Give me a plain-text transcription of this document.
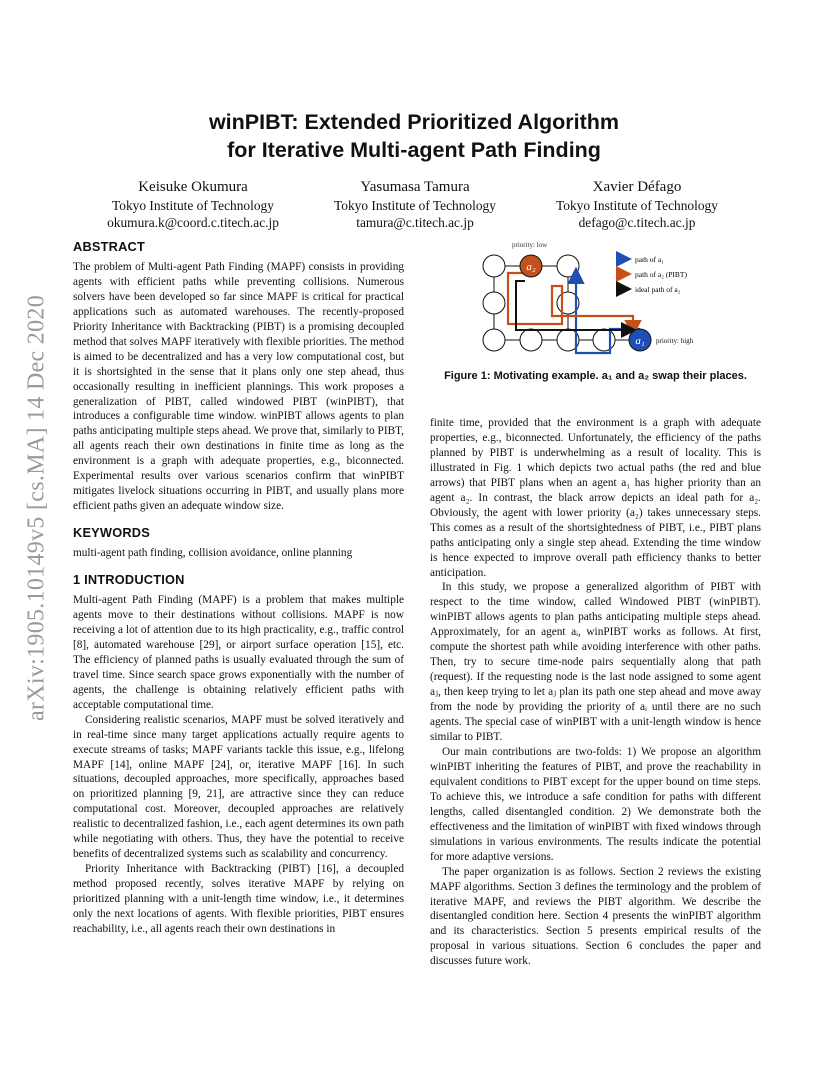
arXiv:1905.10149v5 [cs.MA] 14 Dec 2020
winPIBT: Extended Prioritized Algorithm
for Iterative Multi-agent Path Finding
Keisuke Okumura
Tokyo Institute of Technology
okumura.k@coord.c.titech.ac.jp
Yasumasa Tamura
Tokyo Institute of Technology
tamura@c.titech.ac.jp
Xavier Défago
Tokyo Institute of Technology
defago@c.titech.ac.jp
ABSTRACT

The problem of Multi-agent Path Finding (MAPF) consists in providing agents with efficient paths while preventing collisions. Numerous solvers have been developed so far since MAPF is critical for practical applications such as automated warehouses. The recently-proposed Priority Inheritance with Backtracking (PIBT) is a promising decoupled method that solves MAPF iteratively with flexible priorities. The method is aimed to be decentralized and has a very low computational cost, but it is shortsighted in the sense that it plans only one step ahead, thus occasionally resulting in inefficient plannings. This work proposes a generalization of PIBT, called windowed PIBT (winPIBT), that introduces a configurable time window. winPIBT allows agents to plan paths anticipating multiple steps ahead. We prove that, similarly to PIBT, all agents reach their own destinations in finite time as long as the environment is a graph with adequate properties, e.g., biconnected. Experimental results over various scenarios confirm that winPIBT mitigates livelock situations occurring in PIBT, and usually plans more efficient paths given an adequate window size.

KEYWORDS

multi-agent path finding, collision avoidance, online planning

1 INTRODUCTION

Multi-agent Path Finding (MAPF) is a problem that makes multiple agents move to their destinations without collisions. MAPF is now receiving a lot of attention due to its high practicality, e.g., traffic control [8], automated warehouse [29], or airport surface operation [15], etc. The efficiency of planned paths is usually evaluated through the sum of travel time. Since search space grows exponentially with the number of agents, the challenge is obtaining relatively efficient paths with acceptable computational time.

Considering realistic scenarios, MAPF must be solved iteratively and in real-time since many target applications actually require agents to execute streams of tasks; MAPF variants tackle this issue, e.g., lifelong MAPF [14], online MAPF [24], or, iterative MAPF [16]. In such situations, decoupled approaches, more specifically, approaches based on prioritized planning [9, 21], are attractive since they can reduce computational cost. Moreover, decoupled approaches are relatively realistic to decentralized fashion, i.e., each agent determines its own path while negotiating with others. Thus, they have the potential to receive benefits of decentralized systems such as scalability and concurrency.

Priority Inheritance with Backtracking (PIBT) [16], a decoupled method proposed recently, solves iterative MAPF by relying on prioritized planning with a unit-length time window, i.e., it determines only the next locations of agents. With flexible priorities, PIBT ensures reachability, i.e., all agents reach their own destinations in

a₂
a₁
priority: low
priority: high
path of a₁
path of a₂ (PIBT)
ideal path of a₂
Figure 1: Motivating example. a₁ and a₂ swap their places.

finite time, provided that the environment is a graph with adequate properties, e.g., biconnected. Unfortunately, the efficiency of the paths planned by PIBT is underwhelming as a result of locality. This is illustrated in Fig. 1 which depicts two actual paths (the red and blue arrows) that PIBT plans when an agent a₁ has higher priority than an agent a₂. In contrast, the black arrow depicts an ideal path for a₂. Obviously, the agent with lower priority (a₂) takes unnecessary steps. This comes as a result of the shortsightedness of PIBT, i.e., PIBT plans paths anticipating only a single step ahead. Extending the time window is hence expected to improve overall path efficiency thanks to better anticipation.

In this study, we propose a generalized algorithm of PIBT with respect to the time window, called Windowed PIBT (winPIBT). winPIBT allows agents to plan paths anticipating multiple steps ahead. Approximately, for an agent aᵢ, winPIBT works as follows. At first, compute the shortest path while avoiding interference with other paths. Then, try to secure time-node pairs sequentially along that path (request). If the requesting node is the last node assigned to some agent aⱼ, then keep trying to let aⱼ plan its path one step ahead and move away from the node by providing the priority of aᵢ until there are no such agents. The special case of winPIBT with a unit-length window is hence similar to PIBT.

Our main contributions are two-folds: 1) We propose an algorithm winPIBT inheriting the features of PIBT, and prove the reachability in equivalent conditions to PIBT except for the upper bound on time steps. To achieve this, we introduce a safe condition for paths with different lengths, called disentangled condition. 2) We demonstrate both the effectiveness and the limitation of winPIBT with fixed windows through simulations in various environments. The results indicate the potential for more adaptive versions.

The paper organization is as follows. Section 2 reviews the existing MAPF algorithms. Section 3 defines the terminology and the problem of iterative MAPF, and reviews the PIBT algorithm. We describe the disentangled condition here. Section 4 presents the winPIBT algorithm and its characteristics. Section 5 presents empirical results of the proposal in various situations. Section 6 concludes the paper and discusses future work.
